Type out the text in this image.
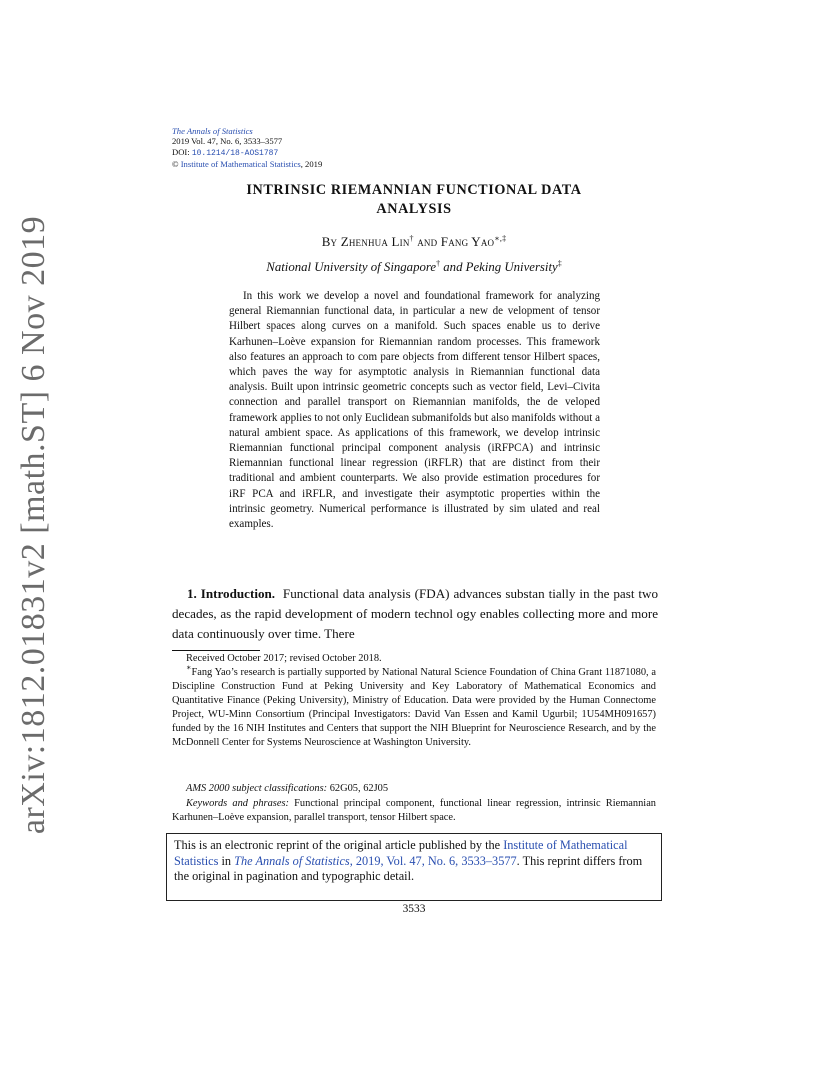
arXiv:1812.01831v2 [math.ST] 6 Nov 2019
The Annals of Statistics
2019 Vol. 47, No. 6, 3533–3577
DOI: 10.1214/18-AOS1787
© Institute of Mathematical Statistics, 2019
INTRINSIC RIEMANNIAN FUNCTIONAL DATA
ANALYSIS
By Zhenhua Lin† and Fang Yao∗,‡
National University of Singapore† and Peking University‡
In this work we develop a novel and foundational framework for analyzing general Riemannian functional data, in particular a new de velopment of tensor Hilbert spaces along curves on a manifold. Such spaces enable us to derive Karhunen–Loève expansion for Riemannian random processes. This framework also features an approach to com pare objects from different tensor Hilbert spaces, which paves the way for asymptotic analysis in Riemannian functional data analysis. Built upon intrinsic geometric concepts such as vector field, Levi–Civita connection and parallel transport on Riemannian manifolds, the de veloped framework applies to not only Euclidean submanifolds but also manifolds without a natural ambient space. As applications of this framework, we develop intrinsic Riemannian functional principal component analysis (iRFPCA) and intrinsic Riemannian functional linear regression (iRFLR) that are distinct from their traditional and ambient counterparts. We also provide estimation procedures for iRF PCA and iRFLR, and investigate their asymptotic properties within the intrinsic geometry. Numerical performance is illustrated by sim ulated and real examples.
1. Introduction. Functional data analysis (FDA) advances substan tially in the past two decades, as the rapid development of modern technol ogy enables collecting more and more data continuously over time. There
Received October 2017; revised October 2018.
∗Fang Yao’s research is partially supported by National Natural Science Foundation of China Grant 11871080, a Discipline Construction Fund at Peking University and Key Laboratory of Mathematical Economics and Quantitative Finance (Peking University), Ministry of Education. Data were provided by the Human Connectome Project, WU-Minn Consortium (Principal Investigators: David Van Essen and Kamil Ugurbil; 1U54MH091657) funded by the 16 NIH Institutes and Centers that support the NIH Blueprint for Neuroscience Research, and by the McDonnell Center for Systems Neuroscience at Washington University.
AMS 2000 subject classifications: 62G05, 62J05
Keywords and phrases: Functional principal component, functional linear regression, intrinsic Riemannian Karhunen–Loève expansion, parallel transport, tensor Hilbert space.
This is an electronic reprint of the original article published by the Institute of Mathematical Statistics in The Annals of Statistics, 2019, Vol. 47, No. 6, 3533–3577. This reprint differs from the original in pagination and typographic detail.
3533
